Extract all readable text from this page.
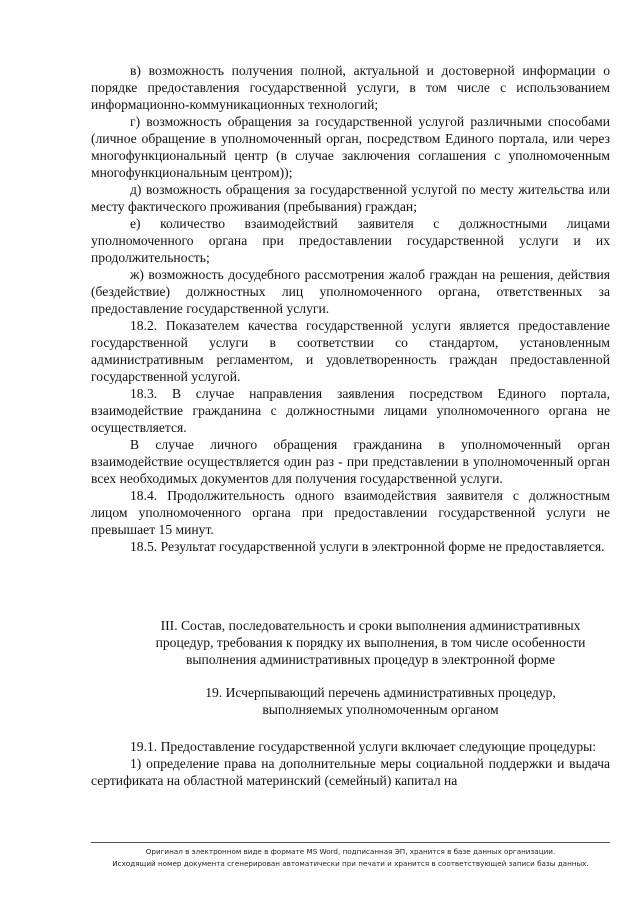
в) возможность получения полной, актуальной и достоверной информации о порядке предоставления государственной услуги, в том числе с использованием информационно-коммуникационных технологий;

г) возможность обращения за государственной услугой различными способами (личное обращение в уполномоченный орган, посредством Единого портала, или через многофункциональный центр (в случае заключения соглашения с уполномоченным многофункциональным центром));

д) возможность обращения за государственной услугой по месту жительства или месту фактического проживания (пребывания) граждан;

е) количество взаимодействий заявителя с должностными лицами уполномоченного органа при предоставлении государственной услуги и их продолжительность;

ж) возможность досудебного рассмотрения жалоб граждан на решения, действия (бездействие) должностных лиц уполномоченного органа, ответственных за предоставление государственной услуги.

18.2. Показателем качества государственной услуги является предоставление государственной услуги в соответствии со стандартом, установленным административным регламентом, и удовлетворенность граждан предоставленной государственной услугой.

18.3. В случае направления заявления посредством Единого портала, взаимодействие гражданина с должностными лицами уполномоченного органа не осуществляется.

В случае личного обращения гражданина в уполномоченный орган взаимодействие осуществляется один раз - при представлении в уполномоченный орган всех необходимых документов для получения государственной услуги.

18.4. Продолжительность одного взаимодействия заявителя с должностным лицом уполномоченного органа при предоставлении государственной услуги не превышает 15 минут.

18.5. Результат государственной услуги в электронной форме не предоставляется.

III. Состав, последовательность и сроки выполнения административных

процедур, требования к порядку их выполнения, в том числе особенности

выполнения административных процедур в электронной форме

19. Исчерпывающий перечень административных процедур,

выполняемых уполномоченным органом

19.1. Предоставление государственной услуги включает следующие процедуры:

1) определение права на дополнительные меры социальной поддержки и выдача сертификата на областной материнский (семейный) капитал на

Оригинал в электронном виде в формате MS Word, подписанная ЭП, хранится в базе данных организации.
Исходящий номер документа сгенерирован автоматически при печати и хранится в соответствующей записи базы данных.
